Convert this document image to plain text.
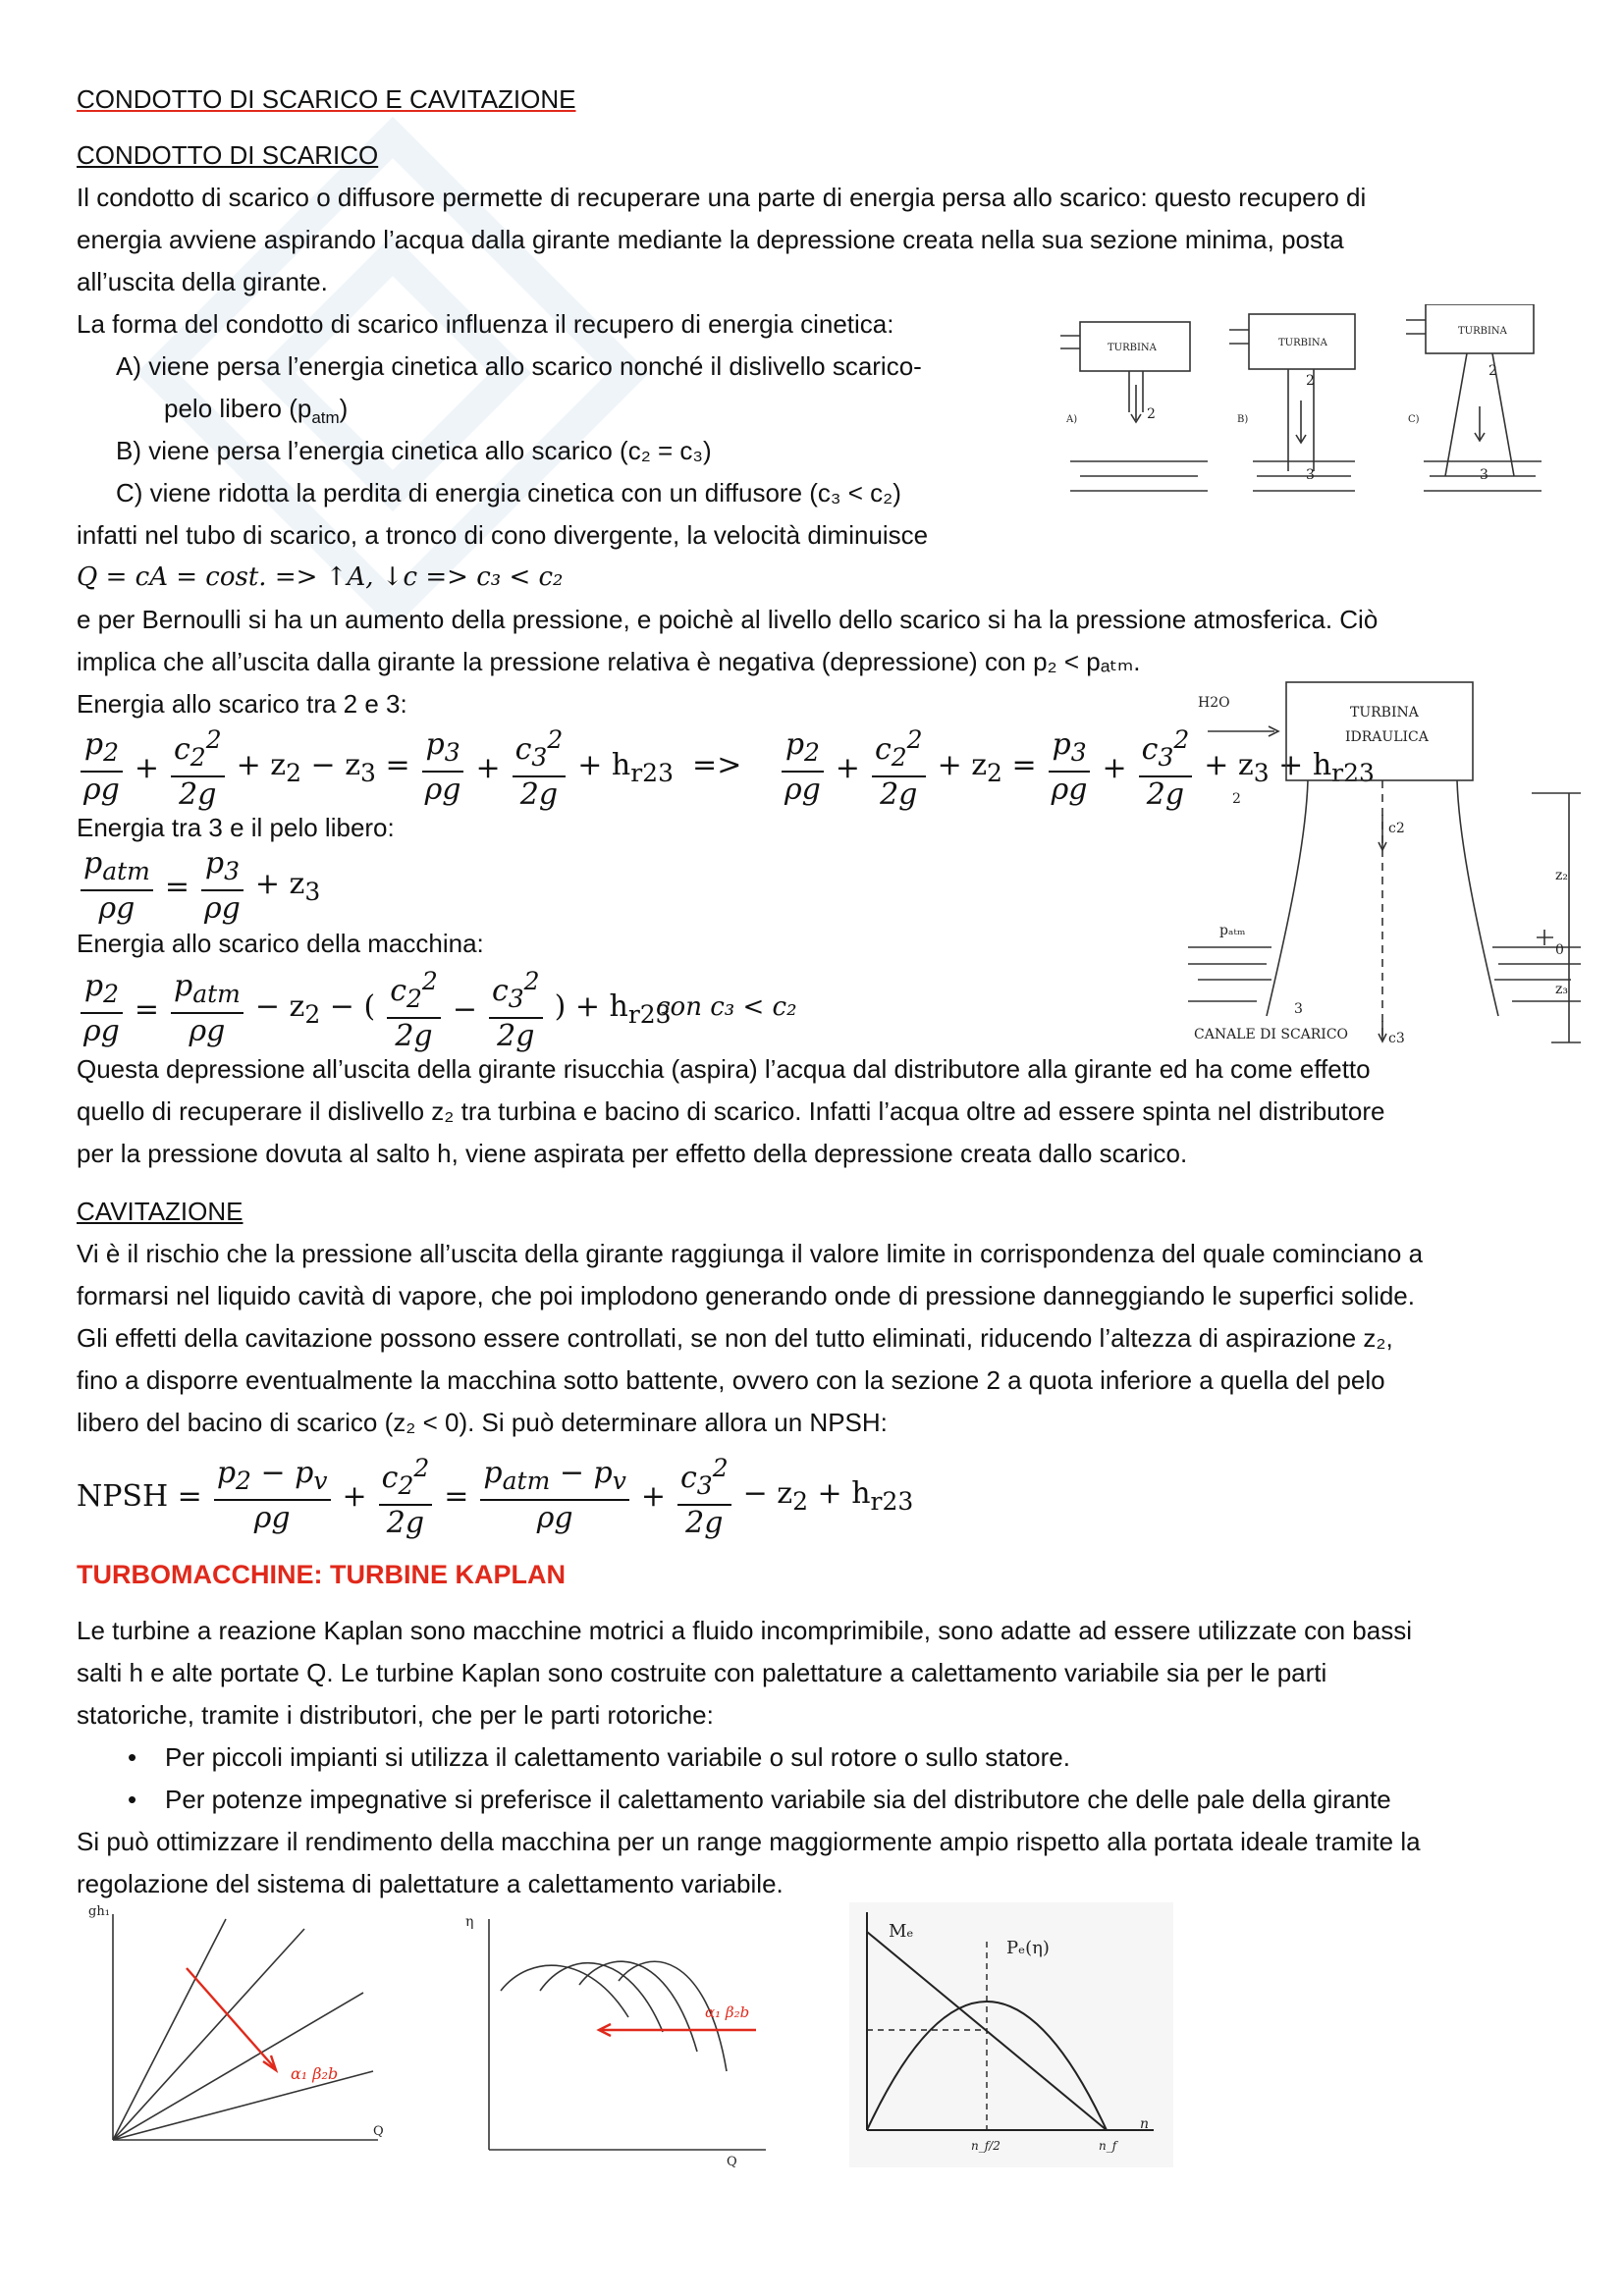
CONDOTTO DI SCARICO E CAVITAZIONE
CONDOTTO DI SCARICO
Il condotto di scarico o diffusore permette di recuperare una parte di energia persa allo scarico: questo recupero di
energia avviene aspirando l’acqua dalla girante mediante la depressione creata nella sua sezione minima, posta
all’uscita della girante.
La forma del condotto di scarico influenza il recupero di energia cinetica:
A) viene persa l’energia cinetica allo scarico nonché il dislivello scarico-
pelo libero $(p_{atm})$
B) viene persa l’energia cinetica allo scarico (c₂ = c₃)
C) viene ridotta la perdita di energia cinetica con un diffusore (c₃ < c₂)
infatti nel tubo di scarico, a tronco di cono divergente, la velocità diminuisce
Q = cA = cost. => ↑A, ↓c => c₃ < c₂
e per Bernoulli si ha un aumento della pressione, e poichè al livello dello scarico si ha la pressione atmosferica. Ciò
implica che all’uscita dalla girante la pressione relativa è negativa (depressione) con p₂ < pₐₜₘ.
Energia allo scarico tra 2 e 3:
$\frac{p_2}{\rho g} + \frac{c_2^2}{2g} + z_2 - z_3 = \frac{p_3}{\rho g} + \frac{c_3^2}{2g} + h_{r23} => \frac{p_2}{\rho g} + \frac{c_2^2}{2g} + z_2 = \frac{p_3}{\rho g} + \frac{c_3^2}{2g} + z_3 + h_{r23}$
Energia tra 3 e il pelo libero:
$\frac{p_{atm}}{\rho g} = \frac{p_3}{\rho g} + z_3$
Energia allo scarico della macchina:
$\frac{p_2}{\rho g} = \frac{p_{atm}}{\rho g} - z_2$ − ( $\frac{c_2^2}{2g} - \frac{c_3^2}{2g}$ ) + $h_{r23}$
con c₃ < c₂
Questa depressione all’uscita della girante risucchia (aspira) l’acqua dal distributore alla girante ed ha come effetto
quello di recuperare il dislivello z₂ tra turbina e bacino di scarico. Infatti l’acqua oltre ad essere spinta nel distributore
per la pressione dovuta al salto h, viene aspirata per effetto della depressione creata dallo scarico.
CAVITAZIONE
Vi è il rischio che la pressione all’uscita della girante raggiunga il valore limite in corrispondenza del quale cominciano a
formarsi nel liquido cavità di vapore, che poi implodono generando onde di pressione danneggiando le superfici solide.
Gli effetti della cavitazione possono essere controllati, se non del tutto eliminati, riducendo l’altezza di aspirazione z₂,
fino a disporre eventualmente la macchina sotto battente, ovvero con la sezione 2 a quota inferiore a quella del pelo
libero del bacino di scarico (z₂ < 0). Si può determinare allora un NPSH:
NPSH = $\frac{p_2 - p_v}{\rho g} + \frac{c_2^2}{2g} = \frac{p_{atm} - p_v}{\rho g} + \frac{c_3^2}{2g} - z_2 + h_{r23}$
TURBOMACCHINE: TURBINE KAPLAN
Le turbine a reazione Kaplan sono macchine motrici a fluido incomprimibile, sono adatte ad essere utilizzate con bassi
salti h e alte portate Q. Le turbine Kaplan sono costruite con palettature a calettamento variabile sia per le parti
statoriche, tramite i distributori, che per le parti rotoriche:
•    Per piccoli impianti si utilizza il calettamento variabile o sul rotore o sullo statore.
•    Per potenze impegnative si preferisce il calettamento variabile sia del distributore che delle pale della girante
Si può ottimizzare il rendimento della macchina per un range maggiormente ampio rispetto alla portata ideale tramite la
regolazione del sistema di palettature a calettamento variabile.
TURBINA	TURBINA
TURBINA
A)	B)	C)
2
2
3
2
3
H2O
TURBINA
IDRAULICA
2
c2
pₐₜₘ
z₂
0
z₃
3
c3
CANALE DI SCARICO
gh₁
Q
α₁ β₂b
η
Q
α₁ β₂b
Mₑ
Pₑ(η)
n
n_f
n_f/2
